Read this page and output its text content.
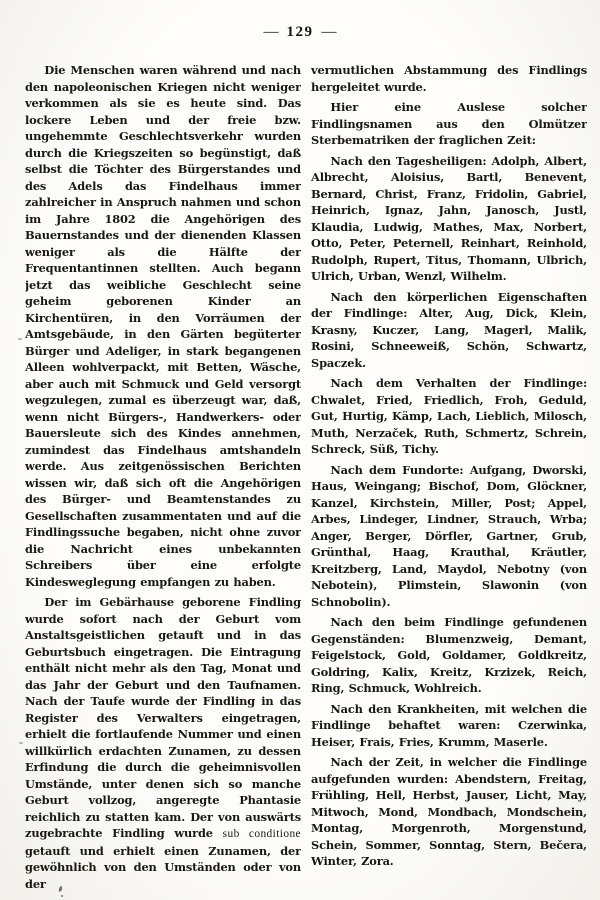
— 129 —

Die Menschen waren während und nach den napoleonischen Kriegen nicht weniger verkommen als sie es heute sind. Das lockere Leben und der freie bzw. ungehemmte Geschlechtsverkehr wurden durch die Kriegszeiten so begünstigt, daß selbst die Töchter des Bürgerstandes und des Adels das Findelhaus immer zahlreicher in Anspruch nahmen und schon im Jahre 1802 die Angehörigen des Bauernstandes und der dienenden Klassen weniger als die Hälfte der Frequentantinnen stellten. Auch begann jetzt das weibliche Geschlecht seine geheim geborenen Kinder an Kirchentüren, in den Vorräumen der Amtsgebäude, in den Gärten begüterter Bürger und Adeliger, in stark begangenen Alleen wohlverpackt, mit Betten, Wäsche, aber auch mit Schmuck und Geld versorgt wegzulegen, zumal es überzeugt war, daß, wenn nicht Bürgers-, Handwerkers- oder Bauersleute sich des Kindes annehmen, zumindest das Findelhaus amtshandeln werde. Aus zeitgenössischen Berichten wissen wir, daß sich oft die Angehörigen des Bürger- und Beamtenstandes zu Gesellschaften zusammentaten und auf die Findlingssuche begaben, nicht ohne zuvor die Nachricht eines unbekannten Schreibers über eine erfolgte Kindesweglegung empfangen zu haben.

Der im Gebärhause geborene Findling wurde sofort nach der Geburt vom Anstaltsgeistlichen getauft und in das Geburtsbuch eingetragen. Die Eintragung enthält nicht mehr als den Tag, Monat und das Jahr der Geburt und den Taufnamen. Nach der Taufe wurde der Findling in das Register des Verwalters eingetragen, erhielt die fortlaufende Nummer und einen willkürlich erdachten Zunamen, zu dessen Erfindung die durch die geheimnisvollen Umstände, unter denen sich so manche Geburt vollzog, angeregte Phantasie reichlich zu statten kam. Der von auswärts zugebrachte Findling wurde sub conditione getauft und erhielt einen Zunamen, der gewöhnlich von den Umständen oder von der

vermutlichen Abstammung des Findlings hergeleitet wurde.

Hier eine Auslese solcher Findlingsnamen aus den Olmützer Sterbematriken der fraglichen Zeit:

Nach den Tagesheiligen: Adolph, Albert, Albrecht, Aloisius, Bartl, Benevent, Bernard, Christ, Franz, Fridolin, Gabriel, Heinrich, Ignaz, Jahn, Janosch, Justl, Klaudia, Ludwig, Mathes, Max, Norbert, Otto, Peter, Peternell, Reinhart, Reinhold, Rudolph, Rupert, Titus, Thomann, Ulbrich, Ulrich, Urban, Wenzl, Wilhelm.

Nach den körperlichen Eigenschaften der Findlinge: Alter, Aug, Dick, Klein, Krasny, Kuczer, Lang, Magerl, Malik, Rosini, Schneeweiß, Schön, Schwartz, Spaczek.

Nach dem Verhalten der Findlinge: Chwalet, Fried, Friedlich, Froh, Geduld, Gut, Hurtig, Kämp, Lach, Lieblich, Milosch, Muth, Nerzaček, Ruth, Schmertz, Schrein, Schreck, Süß, Tichy.

Nach dem Fundorte: Aufgang, Dworski, Haus, Weingang; Bischof, Dom, Glöckner, Kanzel, Kirchstein, Miller, Post; Appel, Arbes, Lindeger, Lindner, Strauch, Wrba; Anger, Berger, Dörfler, Gartner, Grub, Grünthal, Haag, Krauthal, Kräutler, Kreitzberg, Land, Maydol, Nebotny (von Nebotein), Plimstein, Slawonin (von Schnobolin).

Nach den beim Findlinge gefundenen Gegenständen: Blumenzweig, Demant, Feigelstock, Gold, Goldamer, Goldkreitz, Goldring, Kalix, Kreitz, Krzizek, Reich, Ring, Schmuck, Wohlreich.

Nach den Krankheiten, mit welchen die Findlinge behaftet waren: Czerwinka, Heiser, Frais, Fries, Krumm, Maserle.

Nach der Zeit, in welcher die Findlinge aufgefunden wurden: Abendstern, Freitag, Frühling, Hell, Herbst, Jauser, Licht, May, Mitwoch, Mond, Mondbach, Mondschein, Montag, Morgenroth, Morgenstund, Schein, Sommer, Sonntag, Stern, Bečera, Winter, Zora.
